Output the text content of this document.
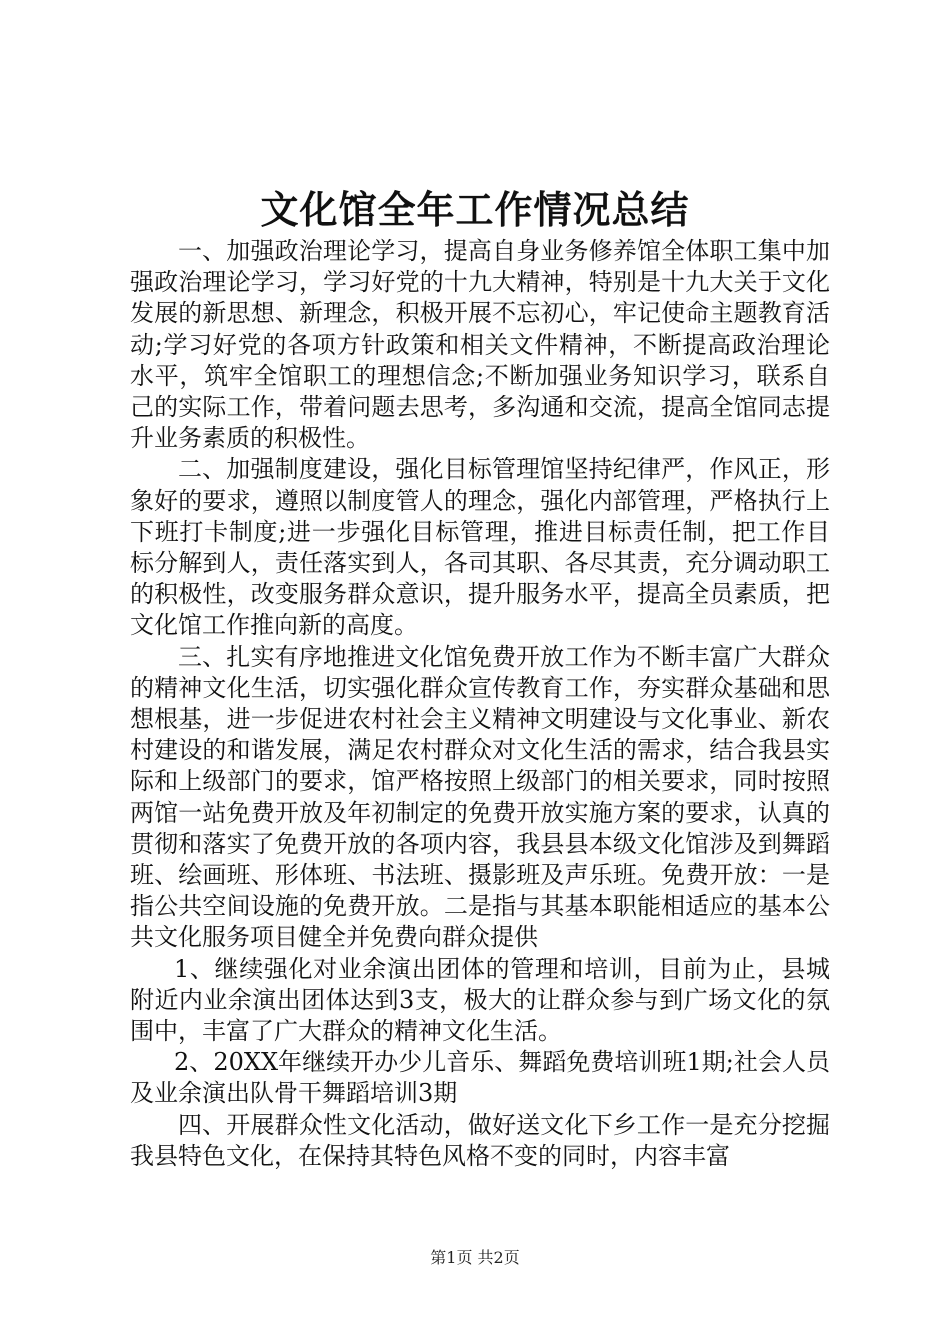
文化馆全年工作情况总结

一、加强政治理论学习，提高自身业务修养馆全体职工集中加强政治理论学习，学习好党的十九大精神，特别是十九大关于文化发展的新思想、新理念，积极开展不忘初心，牢记使命主题教育活动;学习好党的各项方针政策和相关文件精神，不断提高政治理论水平，筑牢全馆职工的理想信念;不断加强业务知识学习，联系自己的实际工作，带着问题去思考，多沟通和交流，提高全馆同志提升业务素质的积极性。

二、加强制度建设，强化目标管理馆坚持纪律严，作风正，形象好的要求，遵照以制度管人的理念，强化内部管理，严格执行上下班打卡制度;进一步强化目标管理，推进目标责任制，把工作目标分解到人，责任落实到人，各司其职、各尽其责，充分调动职工的积极性，改变服务群众意识，提升服务水平，提高全员素质，把文化馆工作推向新的高度。

三、扎实有序地推进文化馆免费开放工作为不断丰富广大群众的精神文化生活，切实强化群众宣传教育工作，夯实群众基础和思想根基，进一步促进农村社会主义精神文明建设与文化事业、新农村建设的和谐发展，满足农村群众对文化生活的需求，结合我县实际和上级部门的要求，馆严格按照上级部门的相关要求，同时按照两馆一站免费开放及年初制定的免费开放实施方案的要求，认真的贯彻和落实了免费开放的各项内容，我县县本级文化馆涉及到舞蹈班、绘画班、形体班、书法班、摄影班及声乐班。免费开放：一是指公共空间设施的免费开放。二是指与其基本职能相适应的基本公共文化服务项目健全并免费向群众提供

1、继续强化对业余演出团体的管理和培训，目前为止，县城附近内业余演出团体达到3支，极大的让群众参与到广场文化的氛围中，丰富了广大群众的精神文化生活。

2、20XX年继续开办少儿音乐、舞蹈免费培训班1期;社会人员及业余演出队骨干舞蹈培训3期

四、开展群众性文化活动，做好送文化下乡工作一是充分挖掘我县特色文化，在保持其特色风格不变的同时，内容丰富

第1页 共2页
